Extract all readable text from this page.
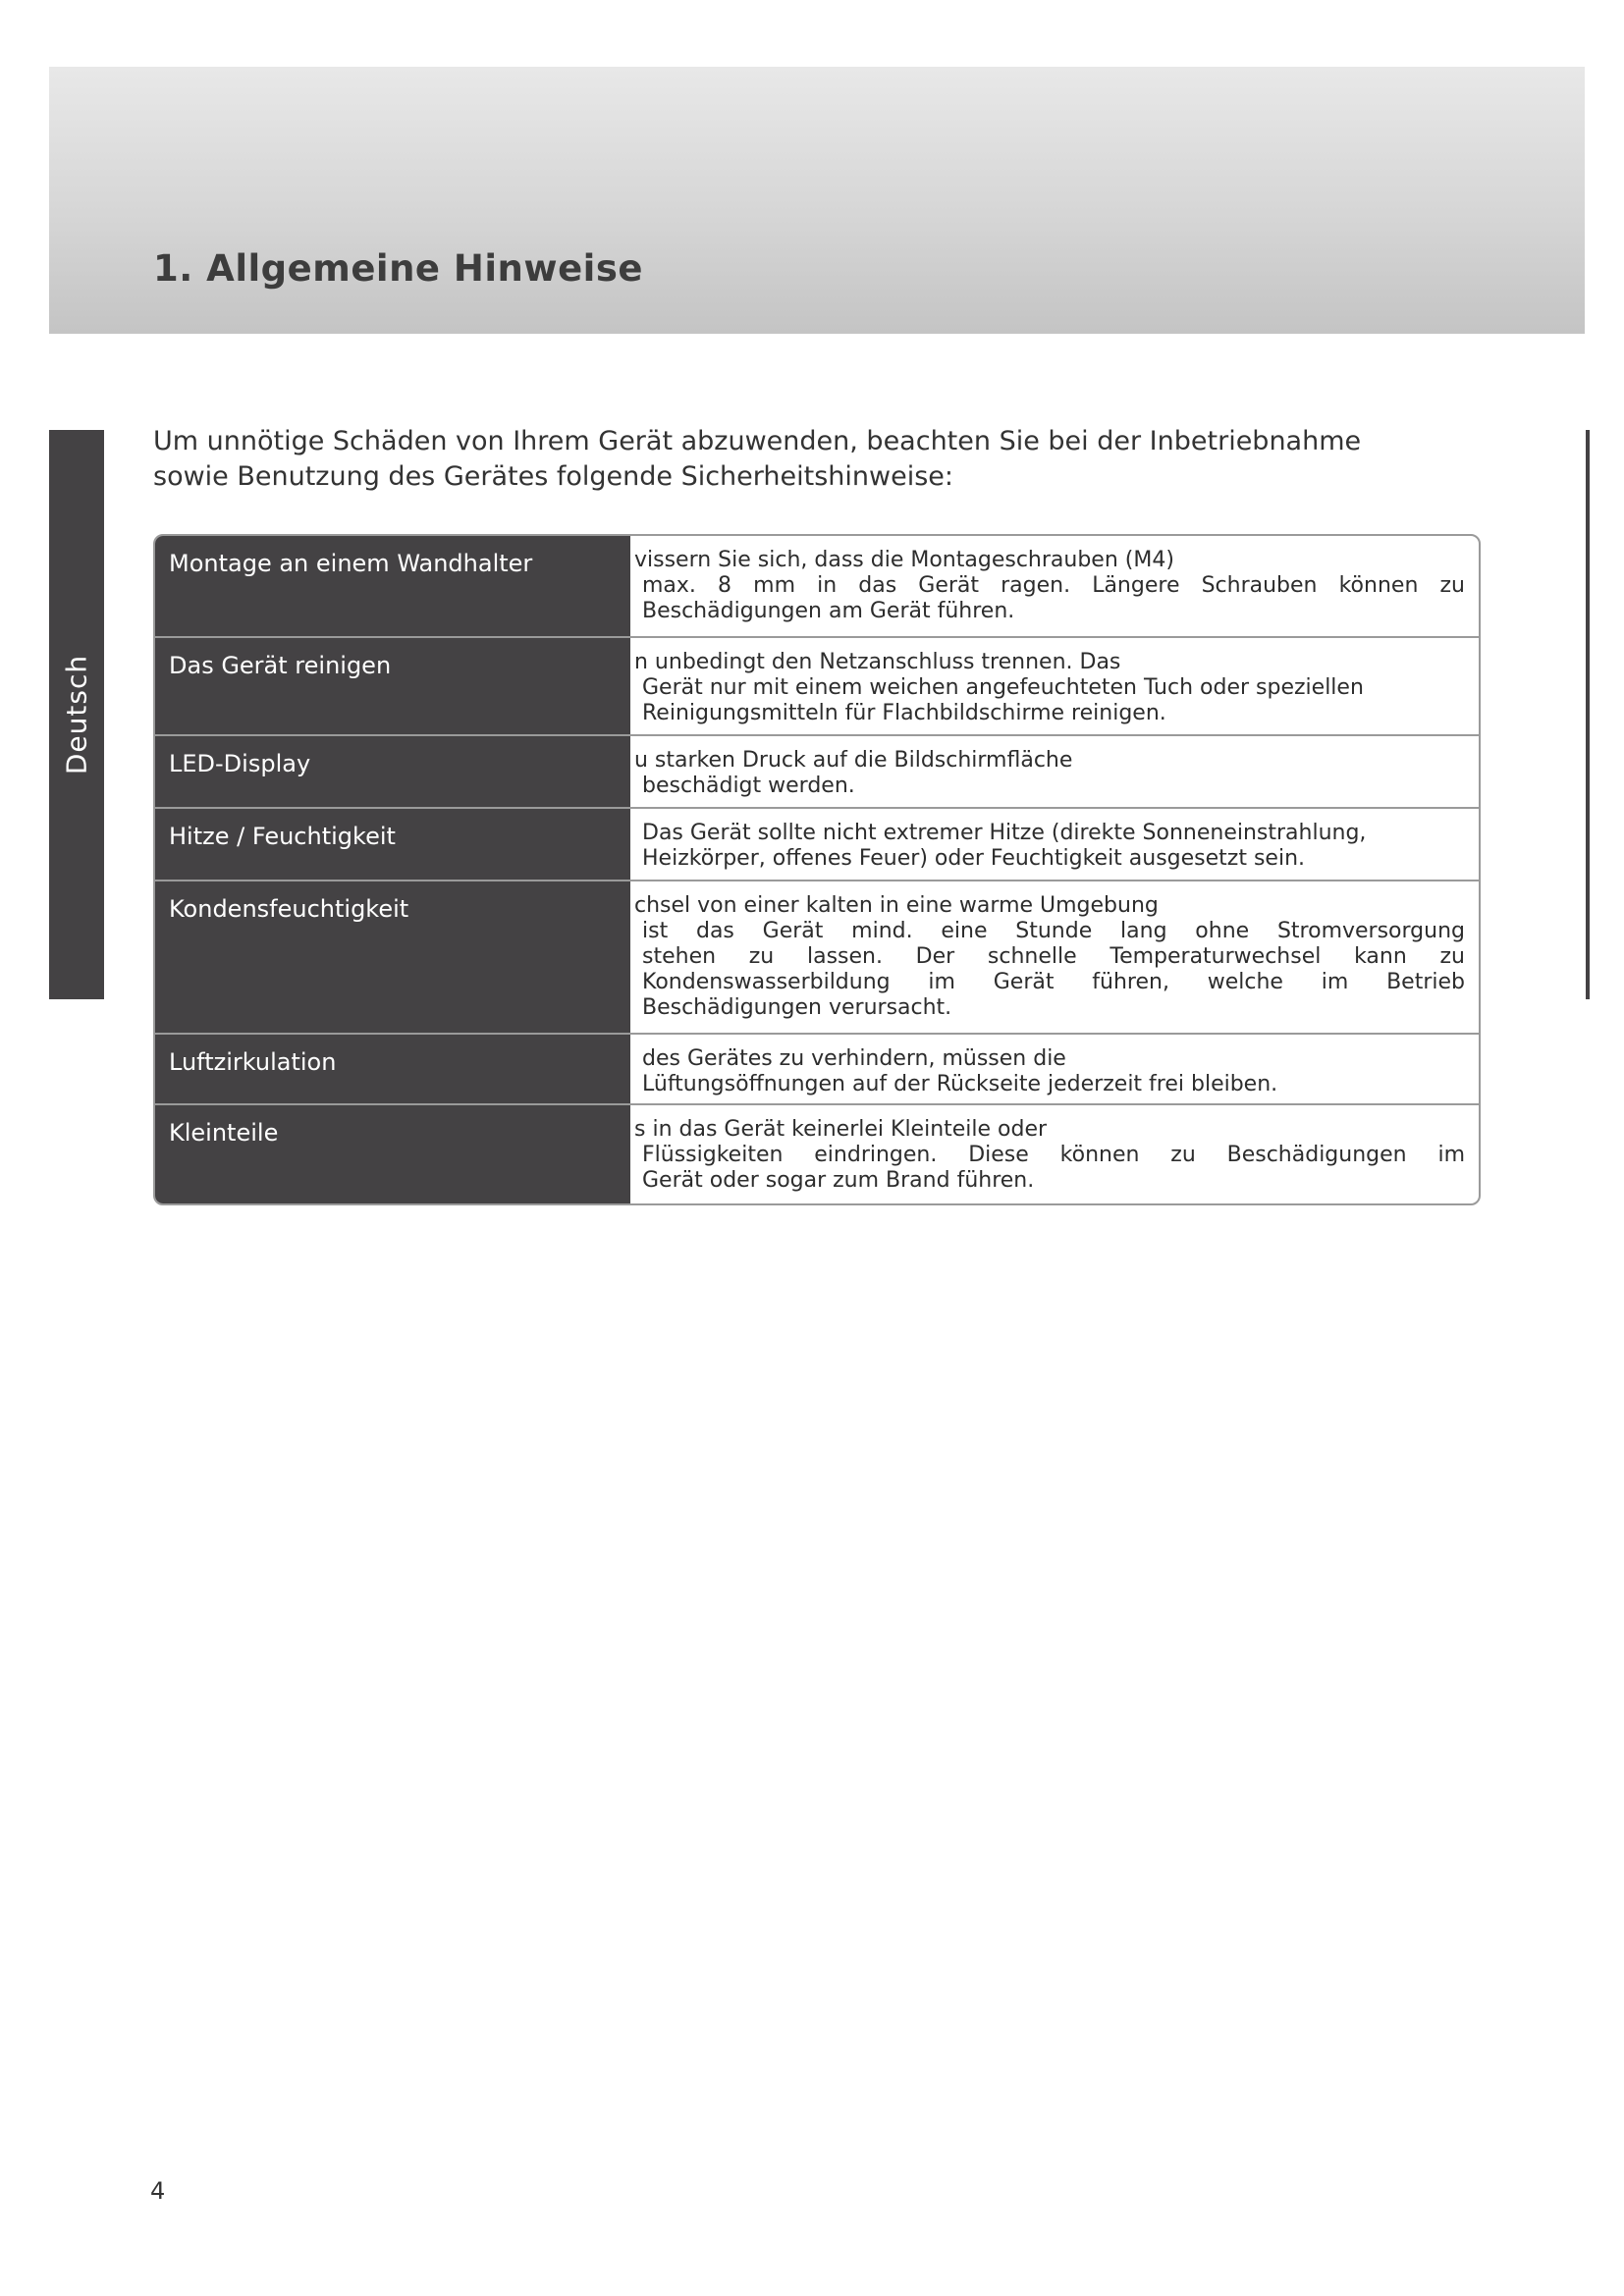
1. Allgemeine Hinweise
Deutsch

Um unnötige Schäden von Ihrem Gerät abzuwenden, beachten Sie bei der Inbetriebnahme

sowie Benutzung des Gerätes folgende Sicherheitshinweise:

Montage an einem Wandhalter	vissern Sie sich, dass die Montageschrauben (M4)
max. 8 mm in das Gerät ragen. Längere Schrauben können zu
Beschädigungen am Gerät führen.
Das Gerät reinigen	n unbedingt den Netzanschluss trennen. Das
Gerät nur mit einem weichen angefeuchteten Tuch oder speziellen
Reinigungsmitteln für Flachbildschirme reinigen.
LED-Display	u starken Druck auf die Bildschirmfläche
beschädigt werden.
Hitze / Feuchtigkeit	Das Gerät sollte nicht extremer Hitze (direkte Sonneneinstrahlung,
Heizkörper, offenes Feuer) oder Feuchtigkeit ausgesetzt sein.
Kondensfeuchtigkeit	chsel von einer kalten in eine warme Umgebung
ist das Gerät mind. eine Stunde lang ohne Stromversorgung
stehen zu lassen. Der schnelle Temperaturwechsel kann zu
Kondenswasserbildung im Gerät führen, welche im Betrieb
Beschädigungen verursacht.
Luftzirkulation	des Gerätes zu verhindern, müssen die
Lüftungsöffnungen auf der Rückseite jederzeit frei bleiben.
Kleinteile	s in das Gerät keinerlei Kleinteile oder
Flüssigkeiten eindringen. Diese können zu Beschädigungen im
Gerät oder sogar zum Brand führen.
4
